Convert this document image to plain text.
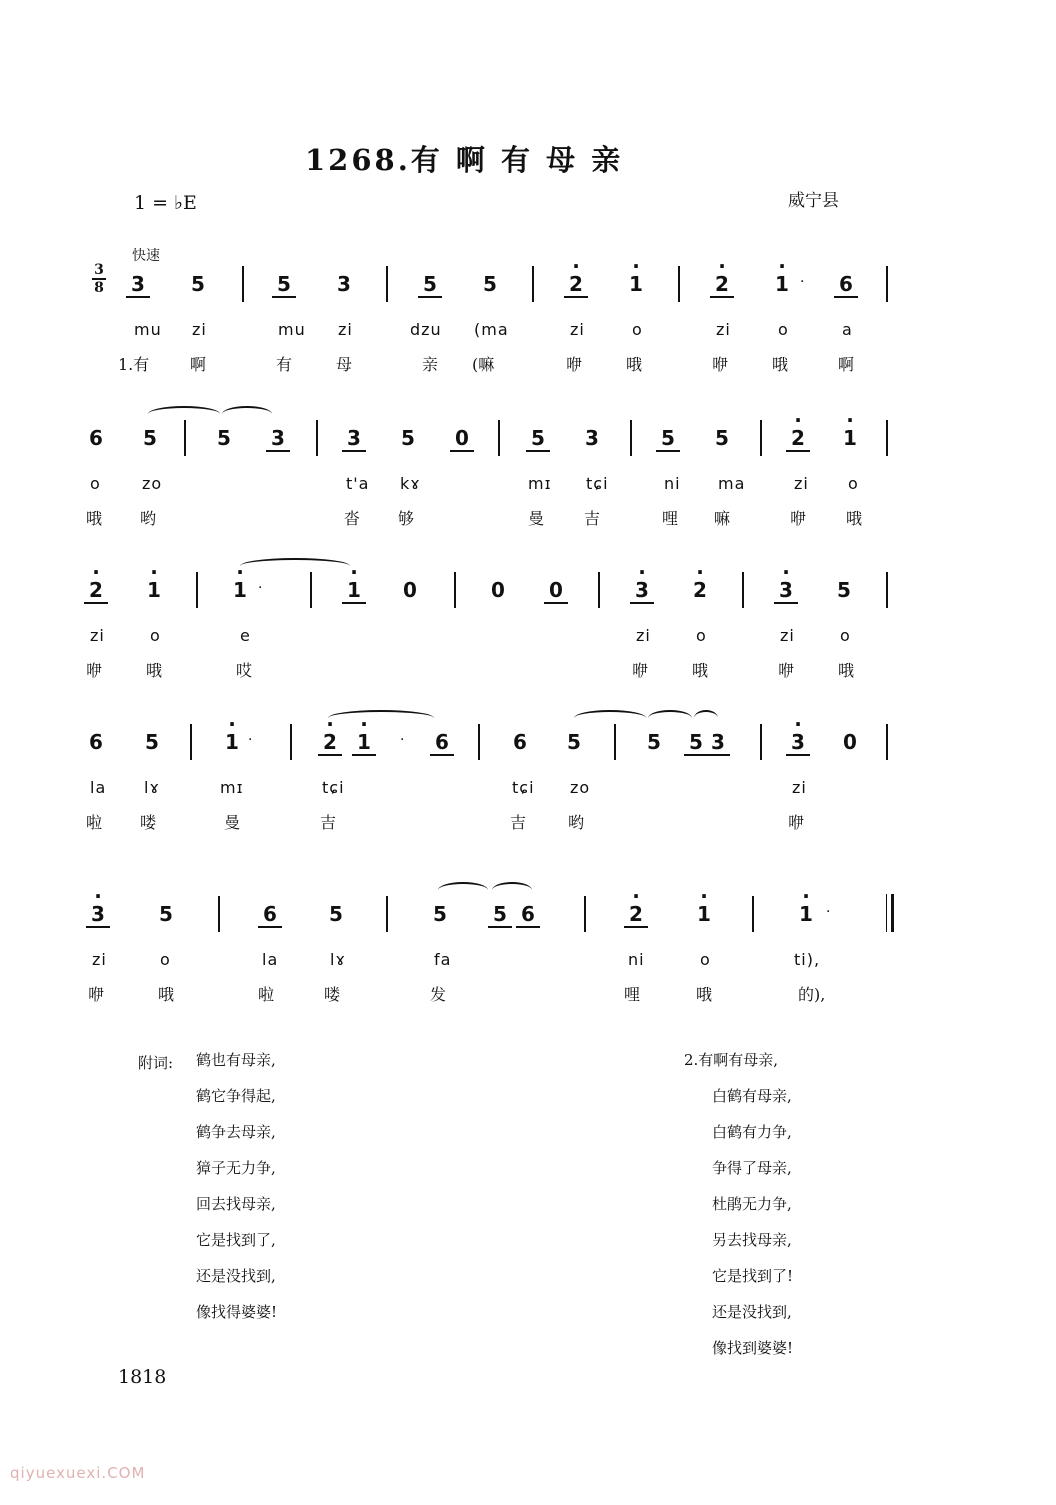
1268.有 啊 有 母 亲
1 = ♭E	威宁县
快速
3
8 3 5	5 3	5 5	· 2 · 1	· 2 · 1 · 6
mu zi	mu zi	dzu (ma	zi	o	zi	o	a
1.有	啊	有	母	亲 (嘛	咿	哦	咿	哦	啊
6 5	5 3	3 5 0	5 3	5 5	· 2 · 1
o	zo	t'a kɤ	mɪ tɕi	ni ma	zi o
哦 哟	沓 够	曼 吉	哩 嘛	咿 哦
· 2 · 1	· 1 ·	· 1 0	0 0	· 3 · 2	· 3 5
zi	o	e	zi	o	zi	o
咿	哦	哎	咿	哦	咿	哦
6 5	· 1 ·	· 2 · 1	· 6	6 5	5 5 3	· 3 0
la lɤ	mɪ	tɕi	tɕi zo	zi
啦 喽	曼	吉	吉	哟	咿
· 3	5	6	5	5 5 6	· 2	· 1	· 1 ·
zi	o	la	lɤ	fa	ni	o	ti),
咿	哦	啦	喽	发	哩	哦	的),
附词: 鹤也有母亲,
鹤它争得起,
鹤争去母亲,
獐子无力争,
回去找母亲,
它是找到了,
还是没找到,
像找得婆婆!
2.有啊有母亲,
白鹤有母亲,
白鹤有力争,
争得了母亲,
杜鹃无力争,
另去找母亲,
它是找到了!
还是没找到,
像找到婆婆!
1818
qiyuexuexi.COM
